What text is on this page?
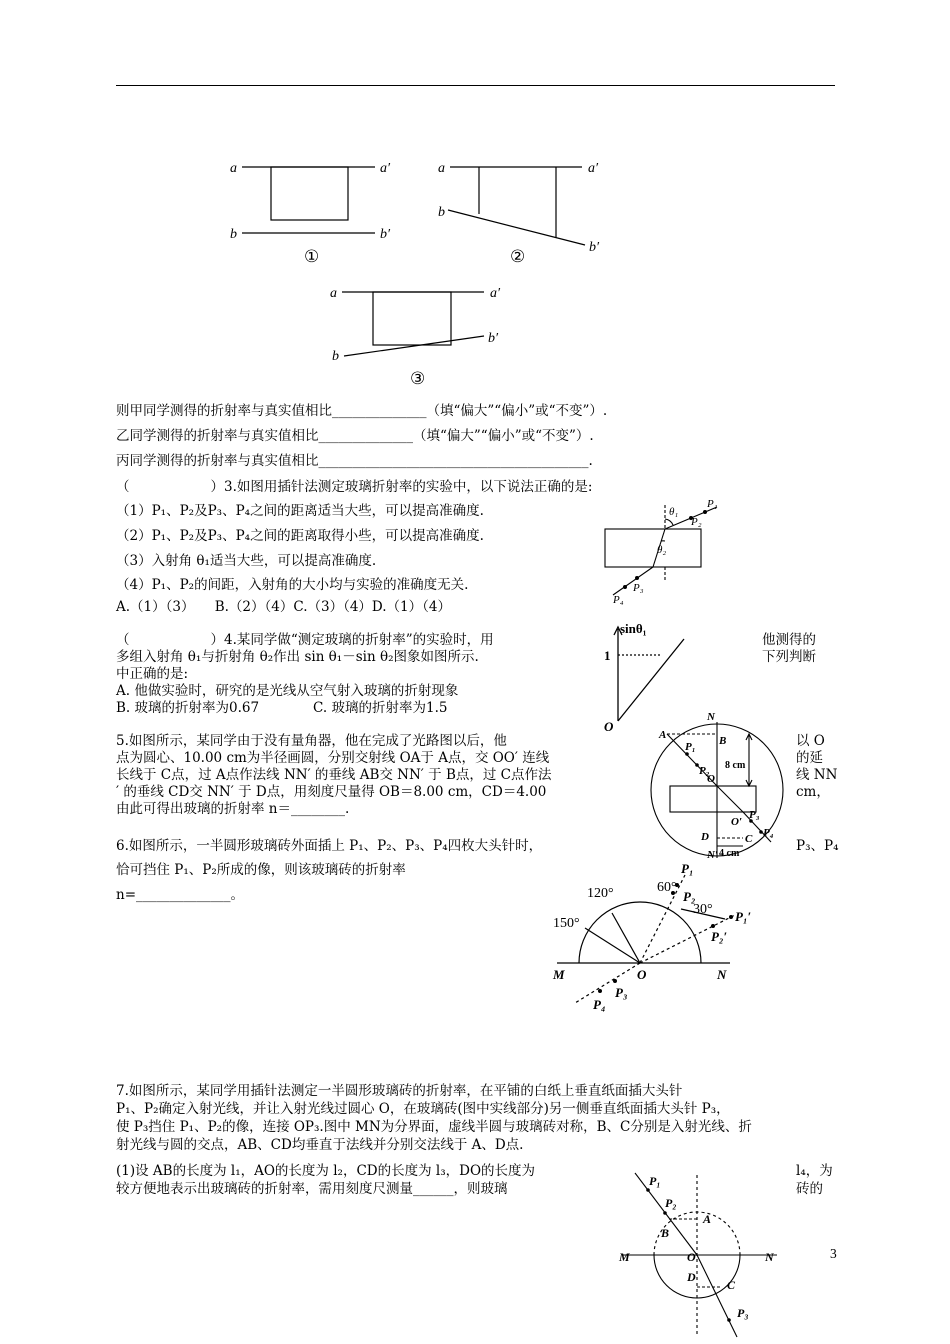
a	a′
b	b′
a	a′
b
b′
a	a′
b
b′
①	②
③
则甲同学测得的折射率与真实值相比______________（填“偏大”“偏小”或“不变”）.
乙同学测得的折射率与真实值相比______________（填“偏大”“偏小”或“不变”）.
丙同学测得的折射率与真实值相比________________________________________.
（　　　　　　）3.如图用插针法测定玻璃折射率的实验中，以下说法正确的是:
（1）P₁、P₂及P₃、P₄之间的距离适当大些，可以提高准确度.
（2）P₁、P₂及P₃、P₄之间的距离取得小些，可以提高准确度.
（3）入射角 θ₁适当大些，可以提高准确度.
（4）P₁、P₂的间距，入射角的大小均与实验的准确度无关.
A.（1）（3）　　B.（2）（4）C.（3）（4）D.（1）（4）
θ₁
θ₂
P₁
P₂
P₃
P₄
（　　　　　　）4.某同学做“测定玻璃的折射率”的实验时，用	他测得的
多组入射角 θ₁与折射角 θ₂作出 sin θ₁－sin θ₂图象如图所示.	下列判断
中正确的是:
A. 他做实验时，研究的是光线从空气射入玻璃的折射现象
B. 玻璃的折射率为0.67　　　　C. 玻璃的折射率为1.5
sinθ₁
1
O
5.如图所示，某同学由于没有量角器，他在完成了光路图以后，他	以 O
点为圆心、10.00 cm为半径画圆，分别交射线 OA于 A点，交 OO′ 连线	的延
长线于 C点，过 A点作法线 NN′ 的垂线 AB交 NN′ 于 B点，过 C点作法	线 NN
′ 的垂线 CD交 NN′ 于 D点，用刻度尺量得 OB＝8.00 cm，CD＝4.00	cm，
由此可得出玻璃的折射率 n＝________.
N
A	B
P₁
P₂
O
O′
P₃
P₄
D	C
N′
8 cm
4 cm
6.如图所示，一半圆形玻璃砖外面插上 P₁、P₂、P₃、P₄四枚大头针时，	P₃、P₄
恰可挡住 P₁、P₂所成的像，则该玻璃砖的折射率
n=______________。	120°	60°
150°
30°
P₁
P₂
P₁′
P₂′
M	O	N
P₃
P₄
7.如图所示，某同学用插针法测定一半圆形玻璃砖的折射率，在平铺的白纸上垂直纸面插大头针
P₁、P₂确定入射光线，并让入射光线过圆心 O，在玻璃砖(图中实线部分)另一侧垂直纸面插大头针 P₃，
使 P₃挡住 P₁、P₂的像，连接 OP₃.图中 MN为分界面，虚线半圆与玻璃砖对称，B、C分别是入射光线、折
射光线与圆的交点，AB、CD均垂直于法线并分别交法线于 A、D点.
(1)设 AB的长度为 l₁，AO的长度为 l₂，CD的长度为 l₃，DO的长度为	l₄，为
较方便地表示出玻璃砖的折射率，需用刻度尺测量______，则玻璃	砖的
P₁
P₂
A
B
M	O	N
D
C
P₃
3
